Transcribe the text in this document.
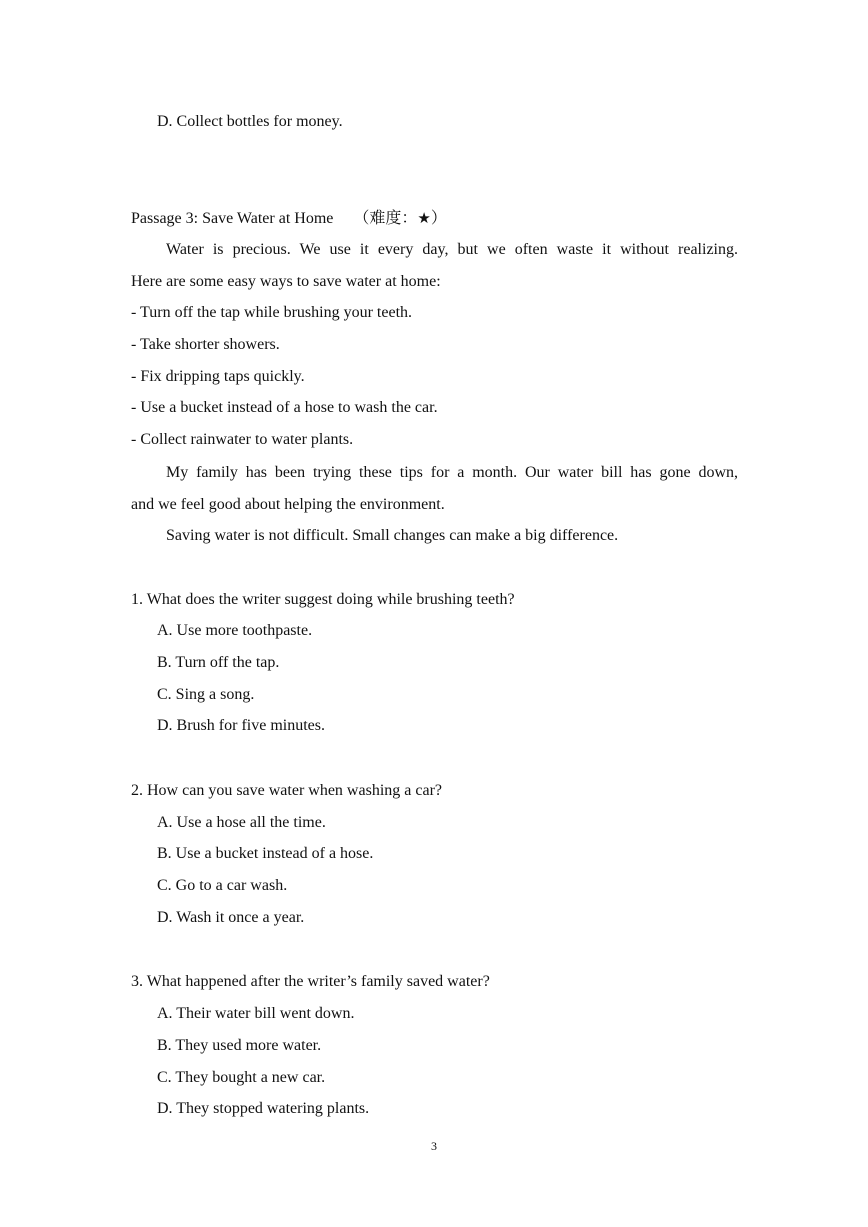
D. Collect bottles for money.
Passage 3: Save Water at Home （难度：★）
Water is precious. We use it every day, but we often waste it without realizing.
Here are some easy ways to save water at home:
- Turn off the tap while brushing your teeth.
- Take shorter showers.
- Fix dripping taps quickly.
- Use a bucket instead of a hose to wash the car.
- Collect rainwater to water plants.
My family has been trying these tips for a month. Our water bill has gone down,
and we feel good about helping the environment.
Saving water is not difficult. Small changes can make a big difference.
1. What does the writer suggest doing while brushing teeth?
A. Use more toothpaste.
B. Turn off the tap.
C. Sing a song.
D. Brush for five minutes.
2. How can you save water when washing a car?
A. Use a hose all the time.
B. Use a bucket instead of a hose.
C. Go to a car wash.
D. Wash it once a year.
3. What happened after the writer’s family saved water?
A. Their water bill went down.
B. They used more water.
C. They bought a new car.
D. They stopped watering plants.
3
